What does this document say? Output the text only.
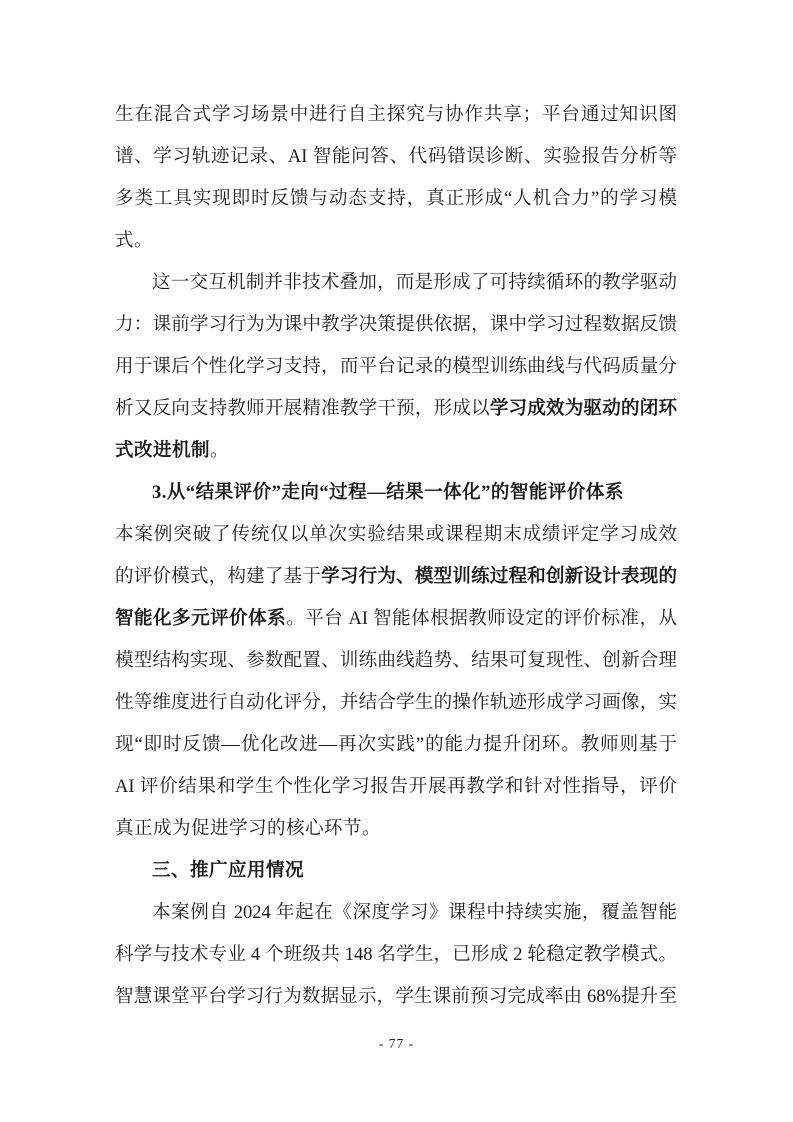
生在混合式学习场景中进行自主探究与协作共享；平台通过知识图
谱、学习轨迹记录、AI 智能问答、代码错误诊断、实验报告分析等
多类工具实现即时反馈与动态支持，真正形成“人机合力”的学习模
式。
这一交互机制并非技术叠加，而是形成了可持续循环的教学驱动
力：课前学习行为为课中教学决策提供依据，课中学习过程数据反馈
用于课后个性化学习支持，而平台记录的模型训练曲线与代码质量分
析又反向支持教师开展精准教学干预，形成以学习成效为驱动的闭环
式改进机制。
3.从“结果评价”走向“过程—结果一体化”的智能评价体系
本案例突破了传统仅以单次实验结果或课程期末成绩评定学习成效
的评价模式，构建了基于学习行为、模型训练过程和创新设计表现的
智能化多元评价体系。平台 AI 智能体根据教师设定的评价标准，从
模型结构实现、参数配置、训练曲线趋势、结果可复现性、创新合理
性等维度进行自动化评分，并结合学生的操作轨迹形成学习画像，实
现“即时反馈—优化改进—再次实践”的能力提升闭环。教师则基于
AI 评价结果和学生个性化学习报告开展再教学和针对性指导，评价
真正成为促进学习的核心环节。
三、推广应用情况
本案例自 2024 年起在《深度学习》课程中持续实施，覆盖智能
科学与技术专业 4 个班级共 148 名学生，已形成 2 轮稳定教学模式。
智慧课堂平台学习行为数据显示，学生课前预习完成率由 68%提升至
- 77 -
